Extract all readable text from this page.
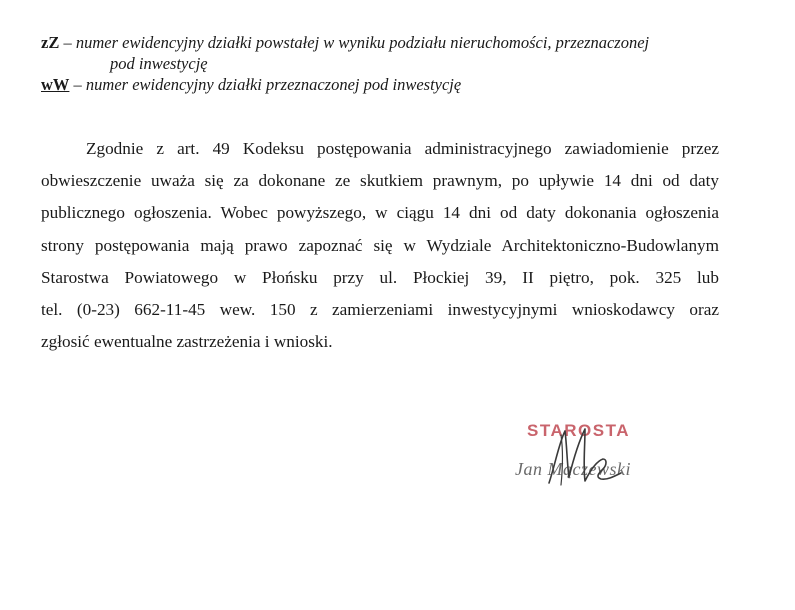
zZ – numer ewidencyjny działki powstałej w wyniku podziału nieruchomości, przeznaczonej
pod inwestycję
wW – numer ewidencyjny działki przeznaczonej pod inwestycję
Zgodnie z art. 49 Kodeksu postępowania administracyjnego zawiadomienie przez
obwieszczenie uważa się za dokonane ze skutkiem prawnym, po upływie 14 dni od daty
publicznego ogłoszenia. Wobec powyższego, w ciągu 14 dni od daty dokonania ogłoszenia
strony postępowania mają prawo zapoznać się w Wydziale Architektoniczno-Budowlanym
Starostwa Powiatowego w Płońsku przy ul. Płockiej 39, II piętro, pok. 325 lub
tel. (0-23) 662-11-45 wew. 150 z zamierzeniami inwestycyjnymi wnioskodawcy oraz
zgłosić ewentualne zastrzeżenia i wnioski.
STAROSTA
Jan Mączewski
